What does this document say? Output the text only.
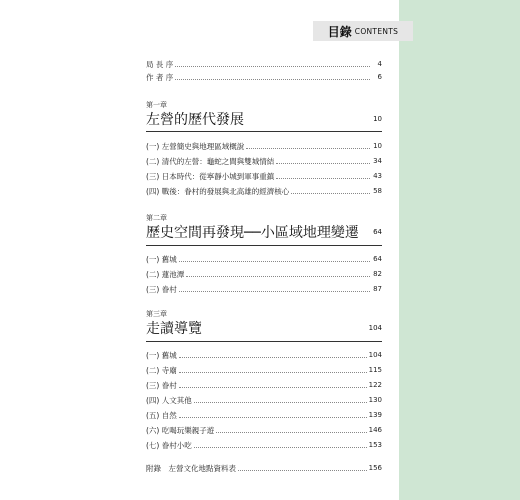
目錄 CONTENTS
局 長 序	4
作 者 序	6
第一章
左營的歷代發展	10
(一) 左營簡史與地理區域概說	10
(二) 清代的左營：龜蛇之間與雙城情結	34
(三) 日本時代：從寧靜小城到軍事重鎮	43
(四) 戰後：眷村的發展與北高雄的經濟核心	58
第二章
歷史空間再發現──小區域地理變遷 64
(一) 舊城	64
(二) 蓮池潭	82
(三) 眷村	87
第三章
走讀導覽	104
(一) 舊城	104
(二) 寺廟	115
(三) 眷村	122
(四) 人文其他	130
(五) 自然	139
(六) 吃喝玩樂親子遊	146
(七) 眷村小吃	153
附錄　左營文化地點資料表	156
